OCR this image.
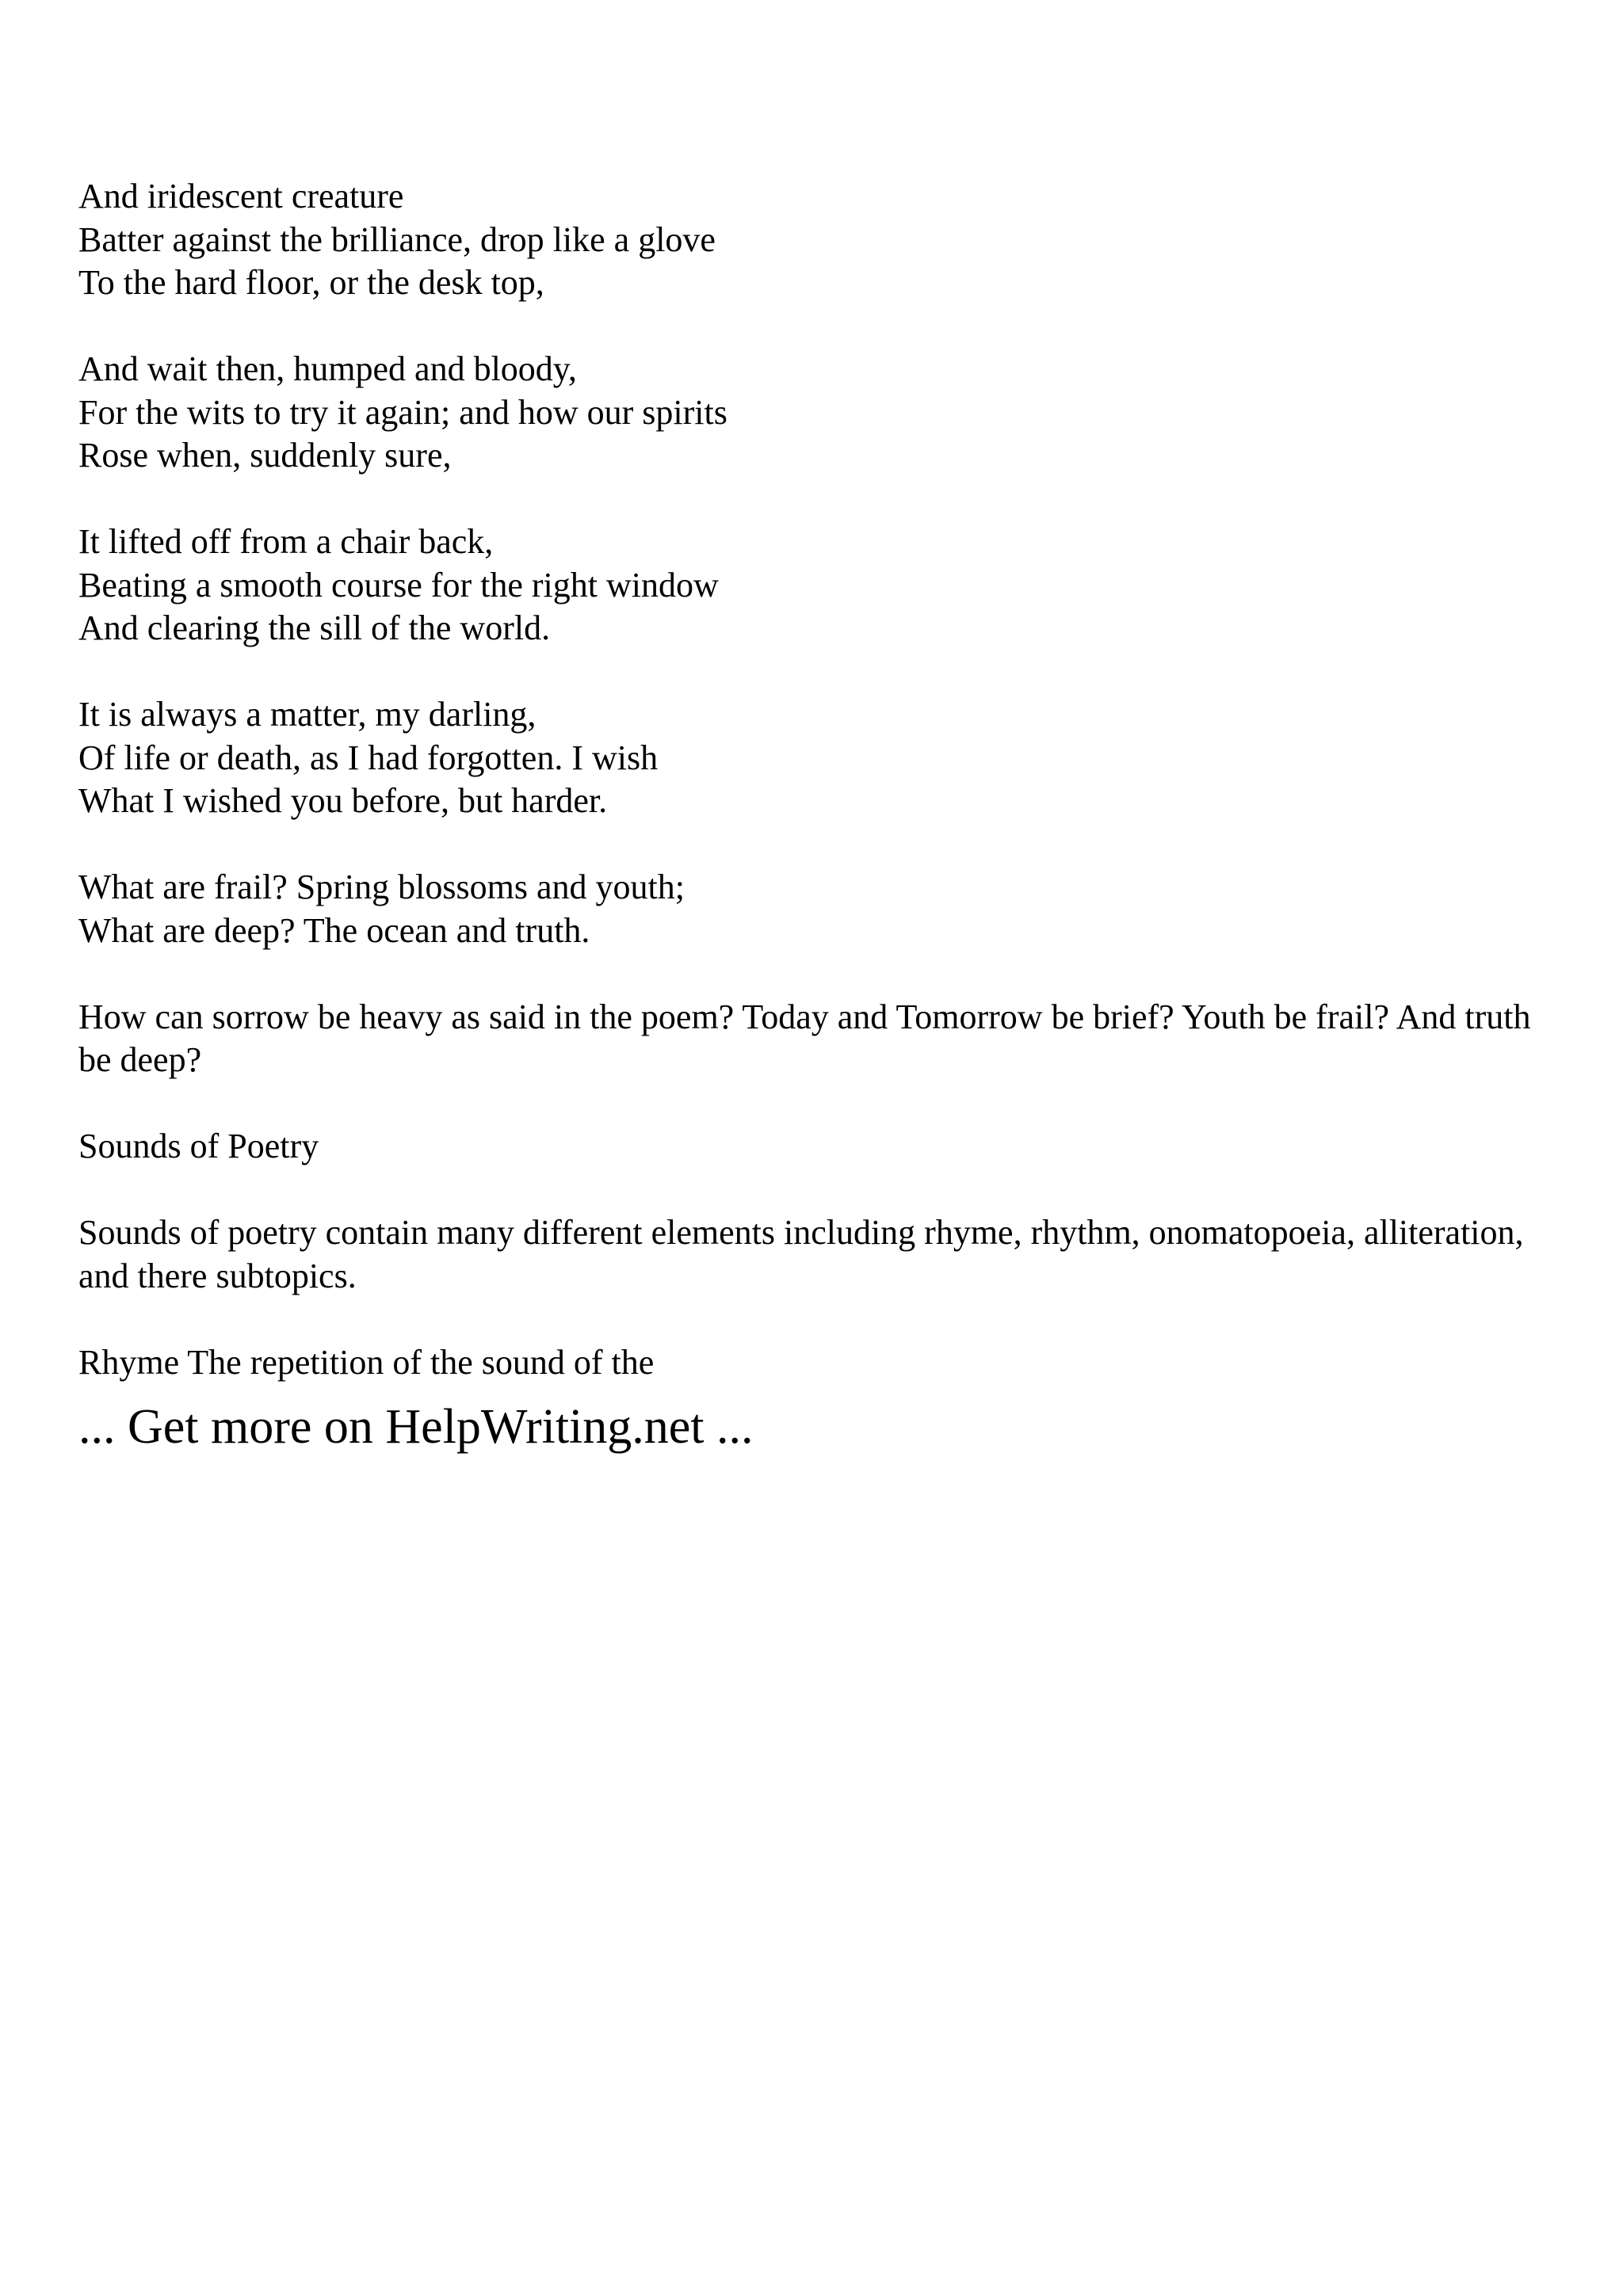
And iridescent creature

Batter against the brilliance, drop like a glove

To the hard floor, or the desk top,

And wait then, humped and bloody,

For the wits to try it again; and how our spirits

Rose when, suddenly sure,

It lifted off from a chair back,

Beating a smooth course for the right window

And clearing the sill of the world.

It is always a matter, my darling,

Of life or death, as I had forgotten. I wish

What I wished you before, but harder.

What are frail? Spring blossoms and youth;

What are deep? The ocean and truth.

How can sorrow be heavy as said in the poem? Today and Tomorrow be brief? Youth be frail? And truth be deep?

Sounds of Poetry

Sounds of poetry contain many different elements including rhyme, rhythm, onomatopoeia, alliteration, and there subtopics.

Rhyme The repetition of the sound of the

... Get more on HelpWriting.net ...
